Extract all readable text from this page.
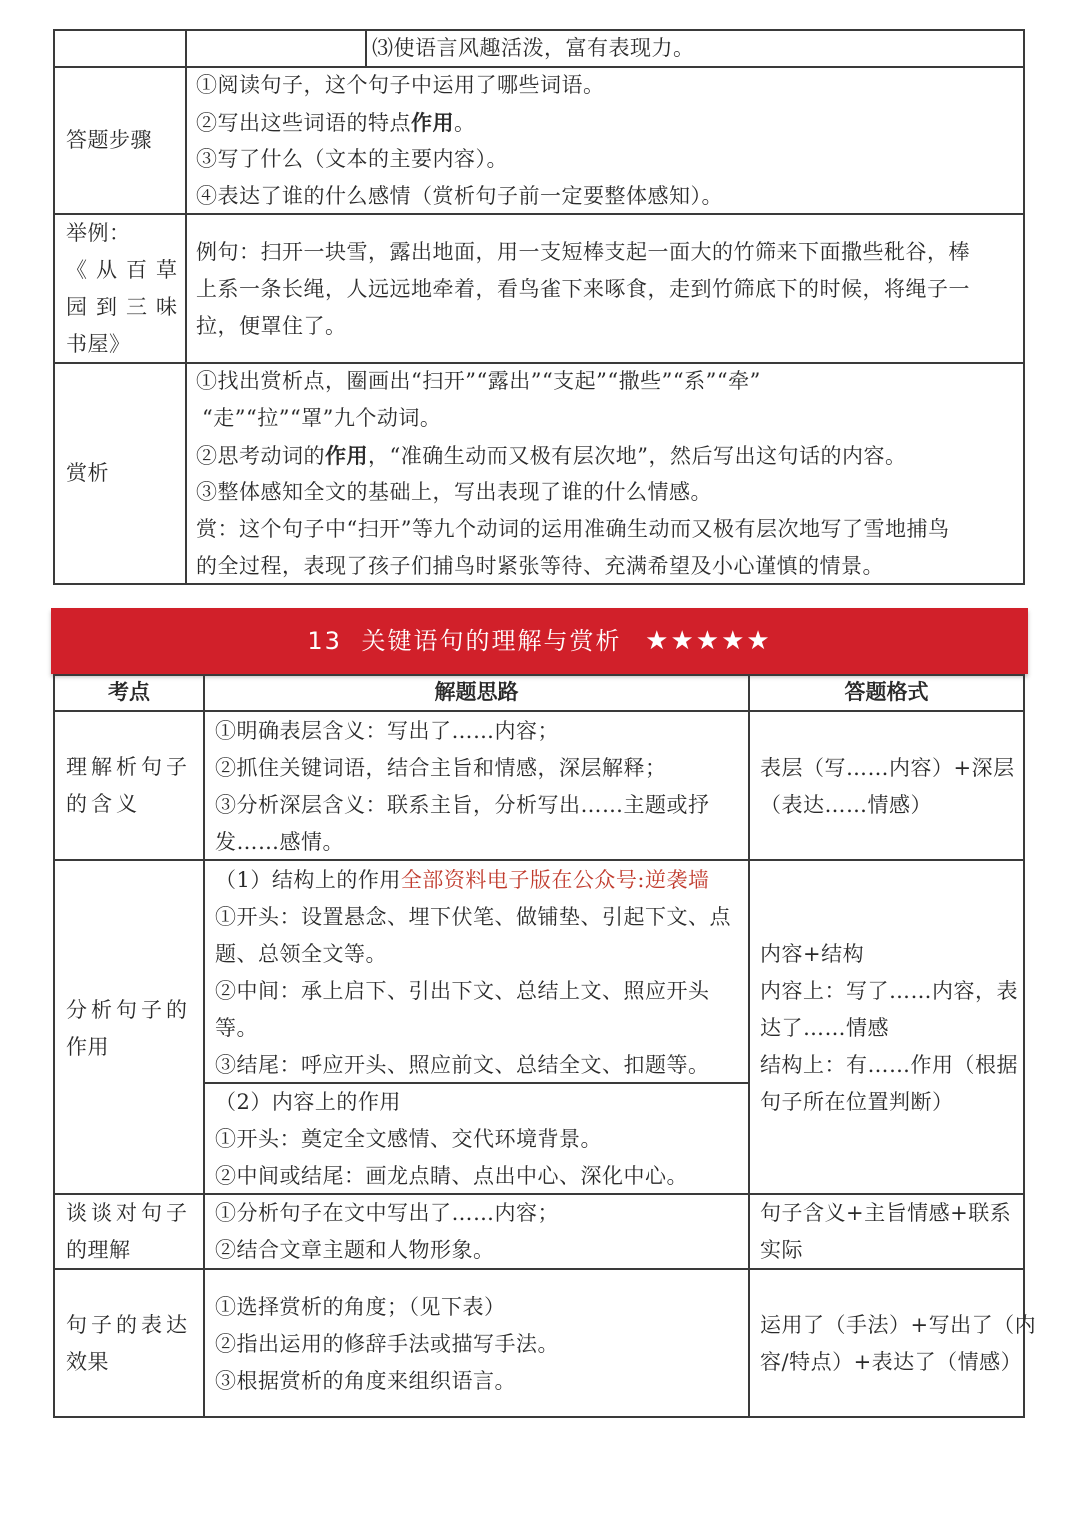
⑶使语言风趣活泼，富有表现力。
答题步骤
①阅读句子，这个句子中运用了哪些词语。
②写出这些词语的特点作用。
③写了什么（文本的主要内容）。
④表达了谁的什么感情（赏析句子前一定要整体感知）。
举例：
《从百草
园到三味
书屋》
例句：扫开一块雪，露出地面，用一支短棒支起一面大的竹筛来下面撒些秕谷，棒
上系一条长绳，人远远地牵着，看鸟雀下来啄食，走到竹筛底下的时候，将绳子一
拉，便罩住了。
赏析
①找出赏析点，圈画出“扫开”“露出”“支起”“撒些”“系”“牵”
“走”“拉”“罩”九个动词。
②思考动词的作用，“准确生动而又极有层次地”，然后写出这句话的内容。
③整体感知全文的基础上，写出表现了谁的什么情感。
赏：这个句子中“扫开”等九个动词的运用准确生动而又极有层次地写了雪地捕鸟
的全过程，表现了孩子们捕鸟时紧张等待、充满希望及小心谨慎的情景。
13 关键语句的理解与赏析 ★★★★★
考点	解题思路	答题格式
理解析句子
的含义
①明确表层含义：写出了……内容；
②抓住关键词语，结合主旨和情感，深层解释；
③分析深层含义：联系主旨，分析写出……主题或抒
发……感情。
表层（写……内容）+深层
（表达……情感）
分析句子的
作用
（1）结构上的作用全部资料电子版在公众号:逆袭墙
①开头：设置悬念、埋下伏笔、做铺垫、引起下文、点
题、总领全文等。
②中间：承上启下、引出下文、总结上文、照应开头
等。
③结尾：呼应开头、照应前文、总结全文、扣题等。
（2）内容上的作用
①开头：奠定全文感情、交代环境背景。
②中间或结尾：画龙点睛、点出中心、深化中心。
内容+结构
内容上：写了……内容，表
达了……情感
结构上：有……作用（根据
句子所在位置判断）
谈谈对句子
的理解
①分析句子在文中写出了……内容；
②结合文章主题和人物形象。
句子含义+主旨情感+联系
实际
句子的表达
效果
①选择赏析的角度；（见下表）
②指出运用的修辞手法或描写手法。
③根据赏析的角度来组织语言。
运用了（手法）+写出了（内
容/特点）+表达了（情感）
